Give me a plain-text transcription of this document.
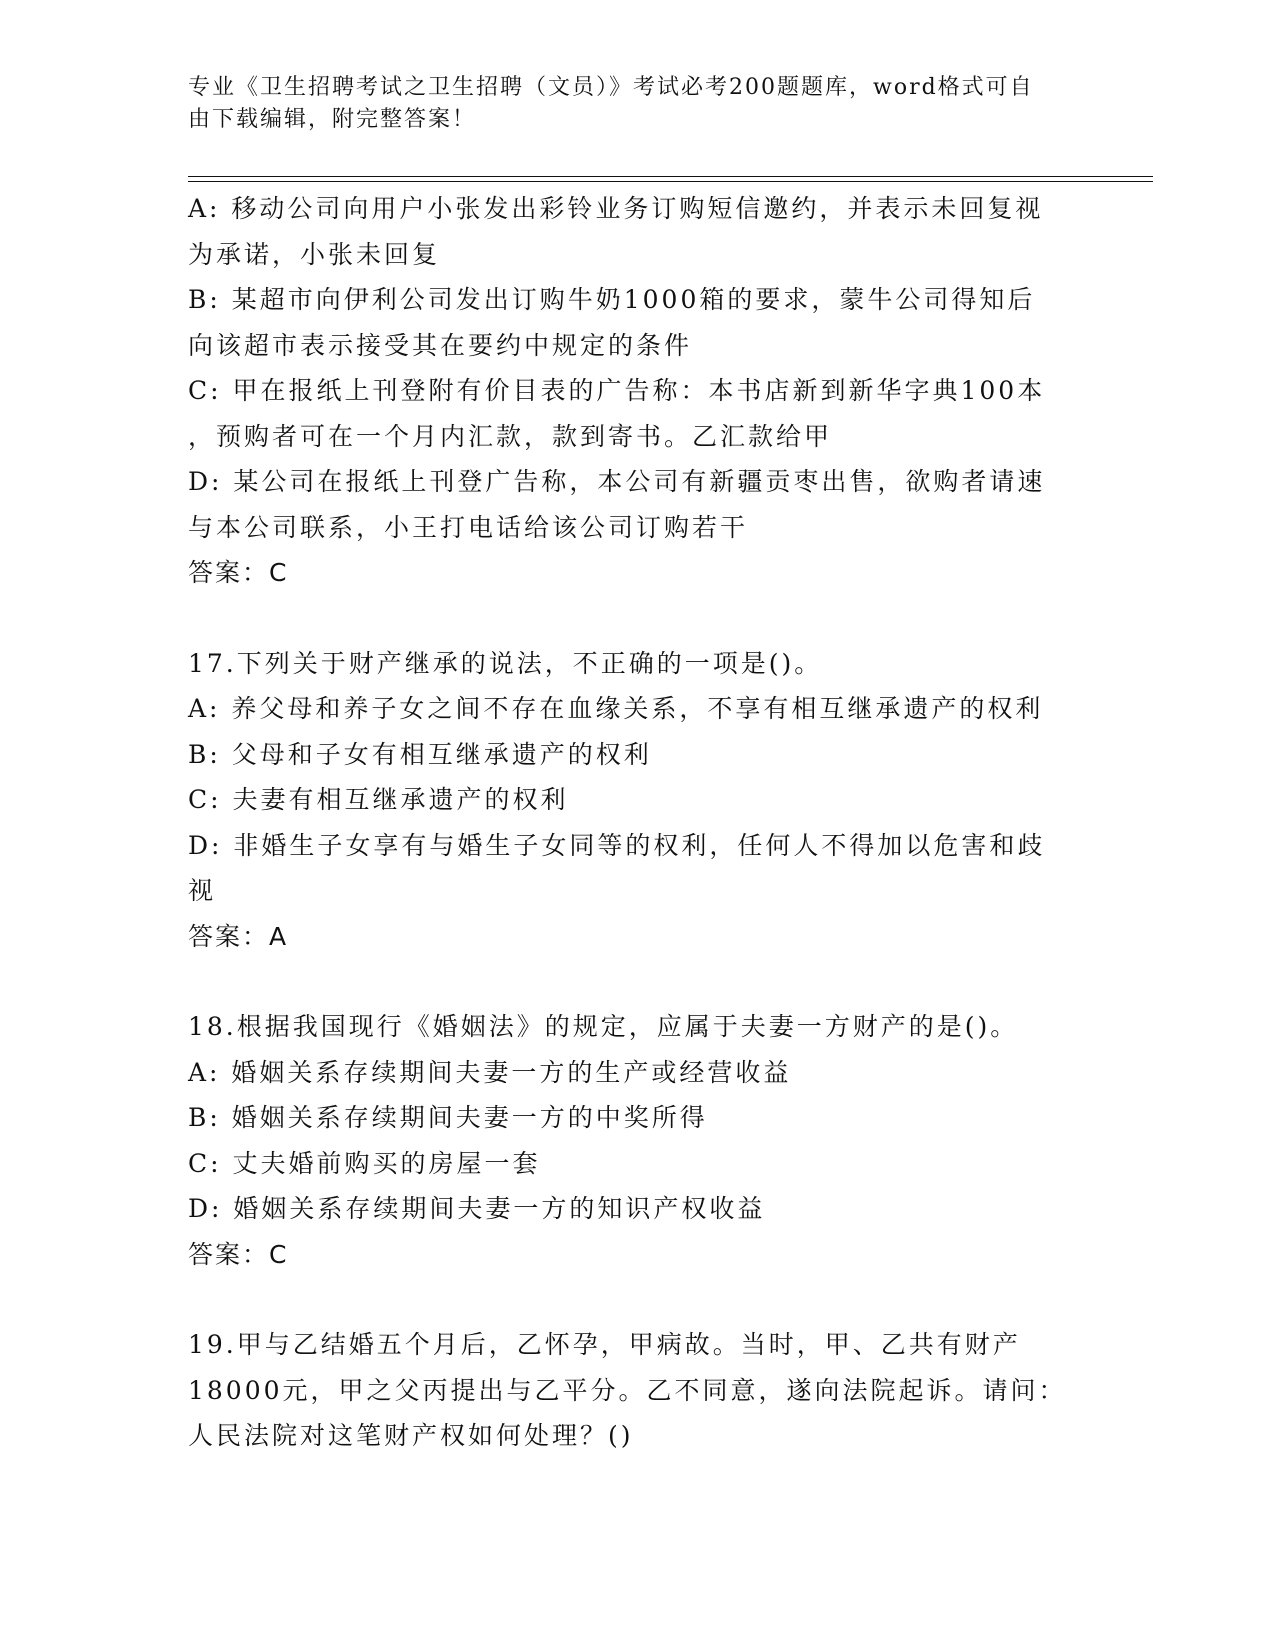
专业《卫生招聘考试之卫生招聘（文员）》考试必考200题题库，word格式可自
由下载编辑，附完整答案！
A: 移动公司向用户小张发出彩铃业务订购短信邀约，并表示未回复视
为承诺，小张未回复
B: 某超市向伊利公司发出订购牛奶1000箱的要求，蒙牛公司得知后
向该超市表示接受其在要约中规定的条件
C: 甲在报纸上刊登附有价目表的广告称：本书店新到新华字典100本
，预购者可在一个月内汇款，款到寄书。乙汇款给甲
D: 某公司在报纸上刊登广告称，本公司有新疆贡枣出售，欲购者请速
与本公司联系，小王打电话给该公司订购若干
答案：C
17.下列关于财产继承的说法，不正确的一项是()。
A: 养父母和养子女之间不存在血缘关系，不享有相互继承遗产的权利
B: 父母和子女有相互继承遗产的权利
C: 夫妻有相互继承遗产的权利
D: 非婚生子女享有与婚生子女同等的权利，任何人不得加以危害和歧
视
答案：A
18.根据我国现行《婚姻法》的规定，应属于夫妻一方财产的是()。
A: 婚姻关系存续期间夫妻一方的生产或经营收益
B: 婚姻关系存续期间夫妻一方的中奖所得
C: 丈夫婚前购买的房屋一套
D: 婚姻关系存续期间夫妻一方的知识产权收益
答案：C
19.甲与乙结婚五个月后，乙怀孕，甲病故。当时，甲、乙共有财产
18000元，甲之父丙提出与乙平分。乙不同意，遂向法院起诉。请问：
人民法院对这笔财产权如何处理？()
